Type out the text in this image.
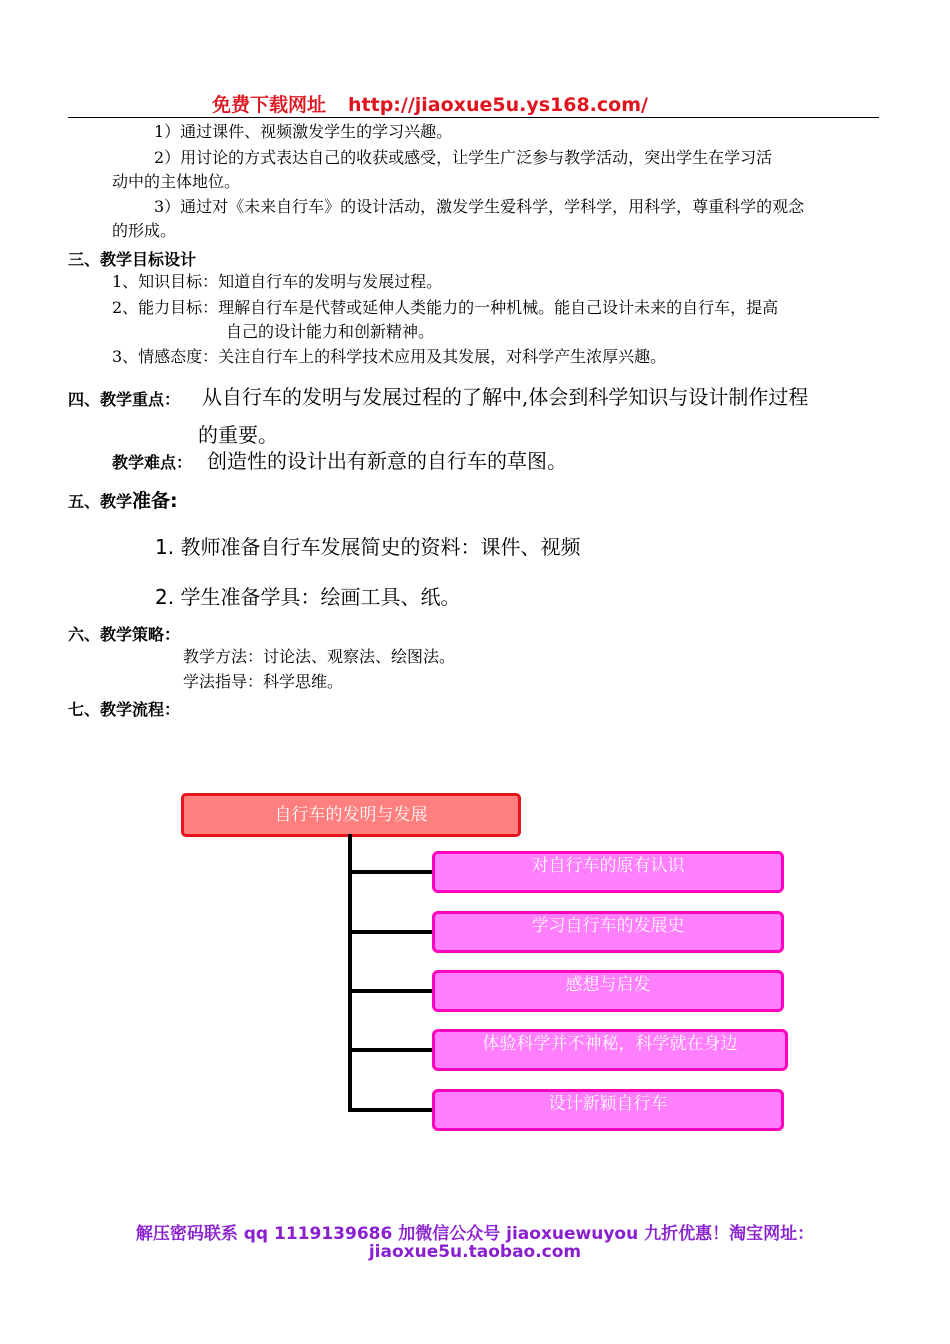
免费下载网址 http://jiaoxue5u.ys168.com/
1）通过课件、视频激发学生的学习兴趣。
2）用讨论的方式表达自己的收获或感受，让学生广泛参与教学活动，突出学生在学习活
动中的主体地位。
3）通过对《未来自行车》的设计活动，激发学生爱科学，学科学，用科学，尊重科学的观念
的形成。
三、教学目标设计
1、知识目标：知道自行车的发明与发展过程。
2、能力目标：理解自行车是代替或延伸人类能力的一种机械。能自己设计未来的自行车，提高
自己的设计能力和创新精神。
3、情感态度：关注自行车上的科学技术应用及其发展，对科学产生浓厚兴趣。
四、教学重点： 从自行车的发明与发展过程的了解中,体会到科学知识与设计制作过程
的重要。
教学难点： 创造性的设计出有新意的自行车的草图。
五、教学准备:
1. 教师准备自行车发展简史的资料：课件、视频
2. 学生准备学具：绘画工具、纸。
六、教学策略：
教学方法：讨论法、观察法、绘图法。
学法指导：科学思维。
七、教学流程：
自行车的发明与发展
对自行车的原有认识
学习自行车的发展史
感想与启发
体验科学并不神秘，科学就在身边
设计新颖自行车
解压密码联系 qq 1119139686 加微信公众号 jiaoxuewuyou 九折优惠！淘宝网址：
jiaoxue5u.taobao.com
